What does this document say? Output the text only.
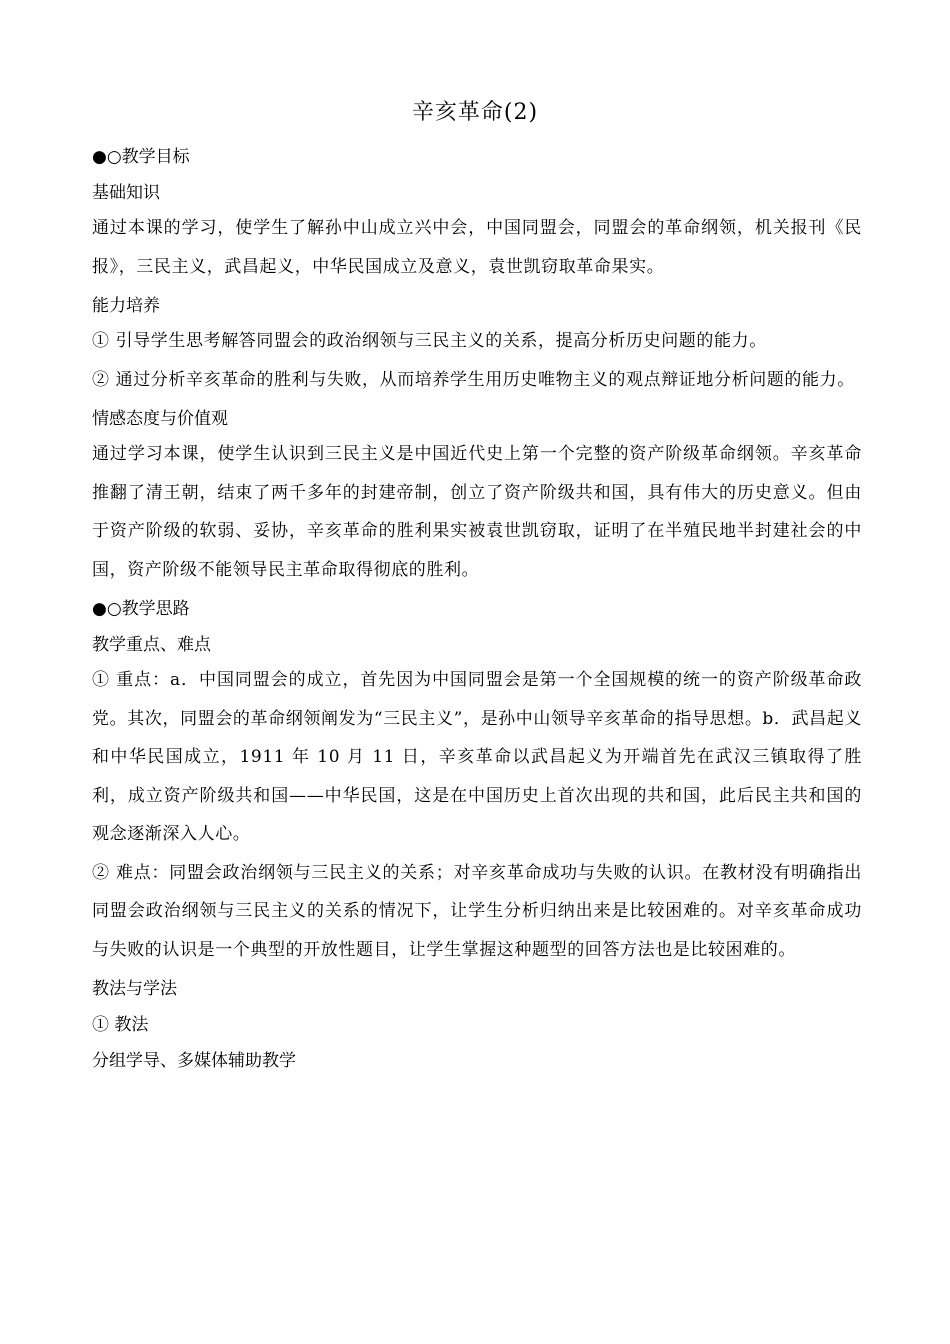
辛亥革命(2)
●○教学目标
基础知识
通过本课的学习，使学生了解孙中山成立兴中会，中国同盟会，同盟会的革命纲领，机关报刊《民报》，三民主义，武昌起义，中华民国成立及意义，袁世凯窃取革命果实。
能力培养
① 引导学生思考解答同盟会的政治纲领与三民主义的关系，提高分析历史问题的能力。
② 通过分析辛亥革命的胜利与失败，从而培养学生用历史唯物主义的观点辩证地分析问题的能力。
情感态度与价值观
通过学习本课，使学生认识到三民主义是中国近代史上第一个完整的资产阶级革命纲领。辛亥革命推翻了清王朝，结束了两千多年的封建帝制，创立了资产阶级共和国，具有伟大的历史意义。但由于资产阶级的软弱、妥协，辛亥革命的胜利果实被袁世凯窃取，证明了在半殖民地半封建社会的中国，资产阶级不能领导民主革命取得彻底的胜利。
●○教学思路
教学重点、难点
① 重点：a．中国同盟会的成立，首先因为中国同盟会是第一个全国规模的统一的资产阶级革命政党。其次，同盟会的革命纲领阐发为“三民主义”，是孙中山领导辛亥革命的指导思想。b．武昌起义和中华民国成立，1911 年 10 月 11 日，辛亥革命以武昌起义为开端首先在武汉三镇取得了胜利，成立资产阶级共和国——中华民国，这是在中国历史上首次出现的共和国，此后民主共和国的观念逐渐深入人心。
② 难点：同盟会政治纲领与三民主义的关系；对辛亥革命成功与失败的认识。在教材没有明确指出同盟会政治纲领与三民主义的关系的情况下，让学生分析归纳出来是比较困难的。对辛亥革命成功与失败的认识是一个典型的开放性题目，让学生掌握这种题型的回答方法也是比较困难的。
教法与学法
① 教法
分组学导、多媒体辅助教学
